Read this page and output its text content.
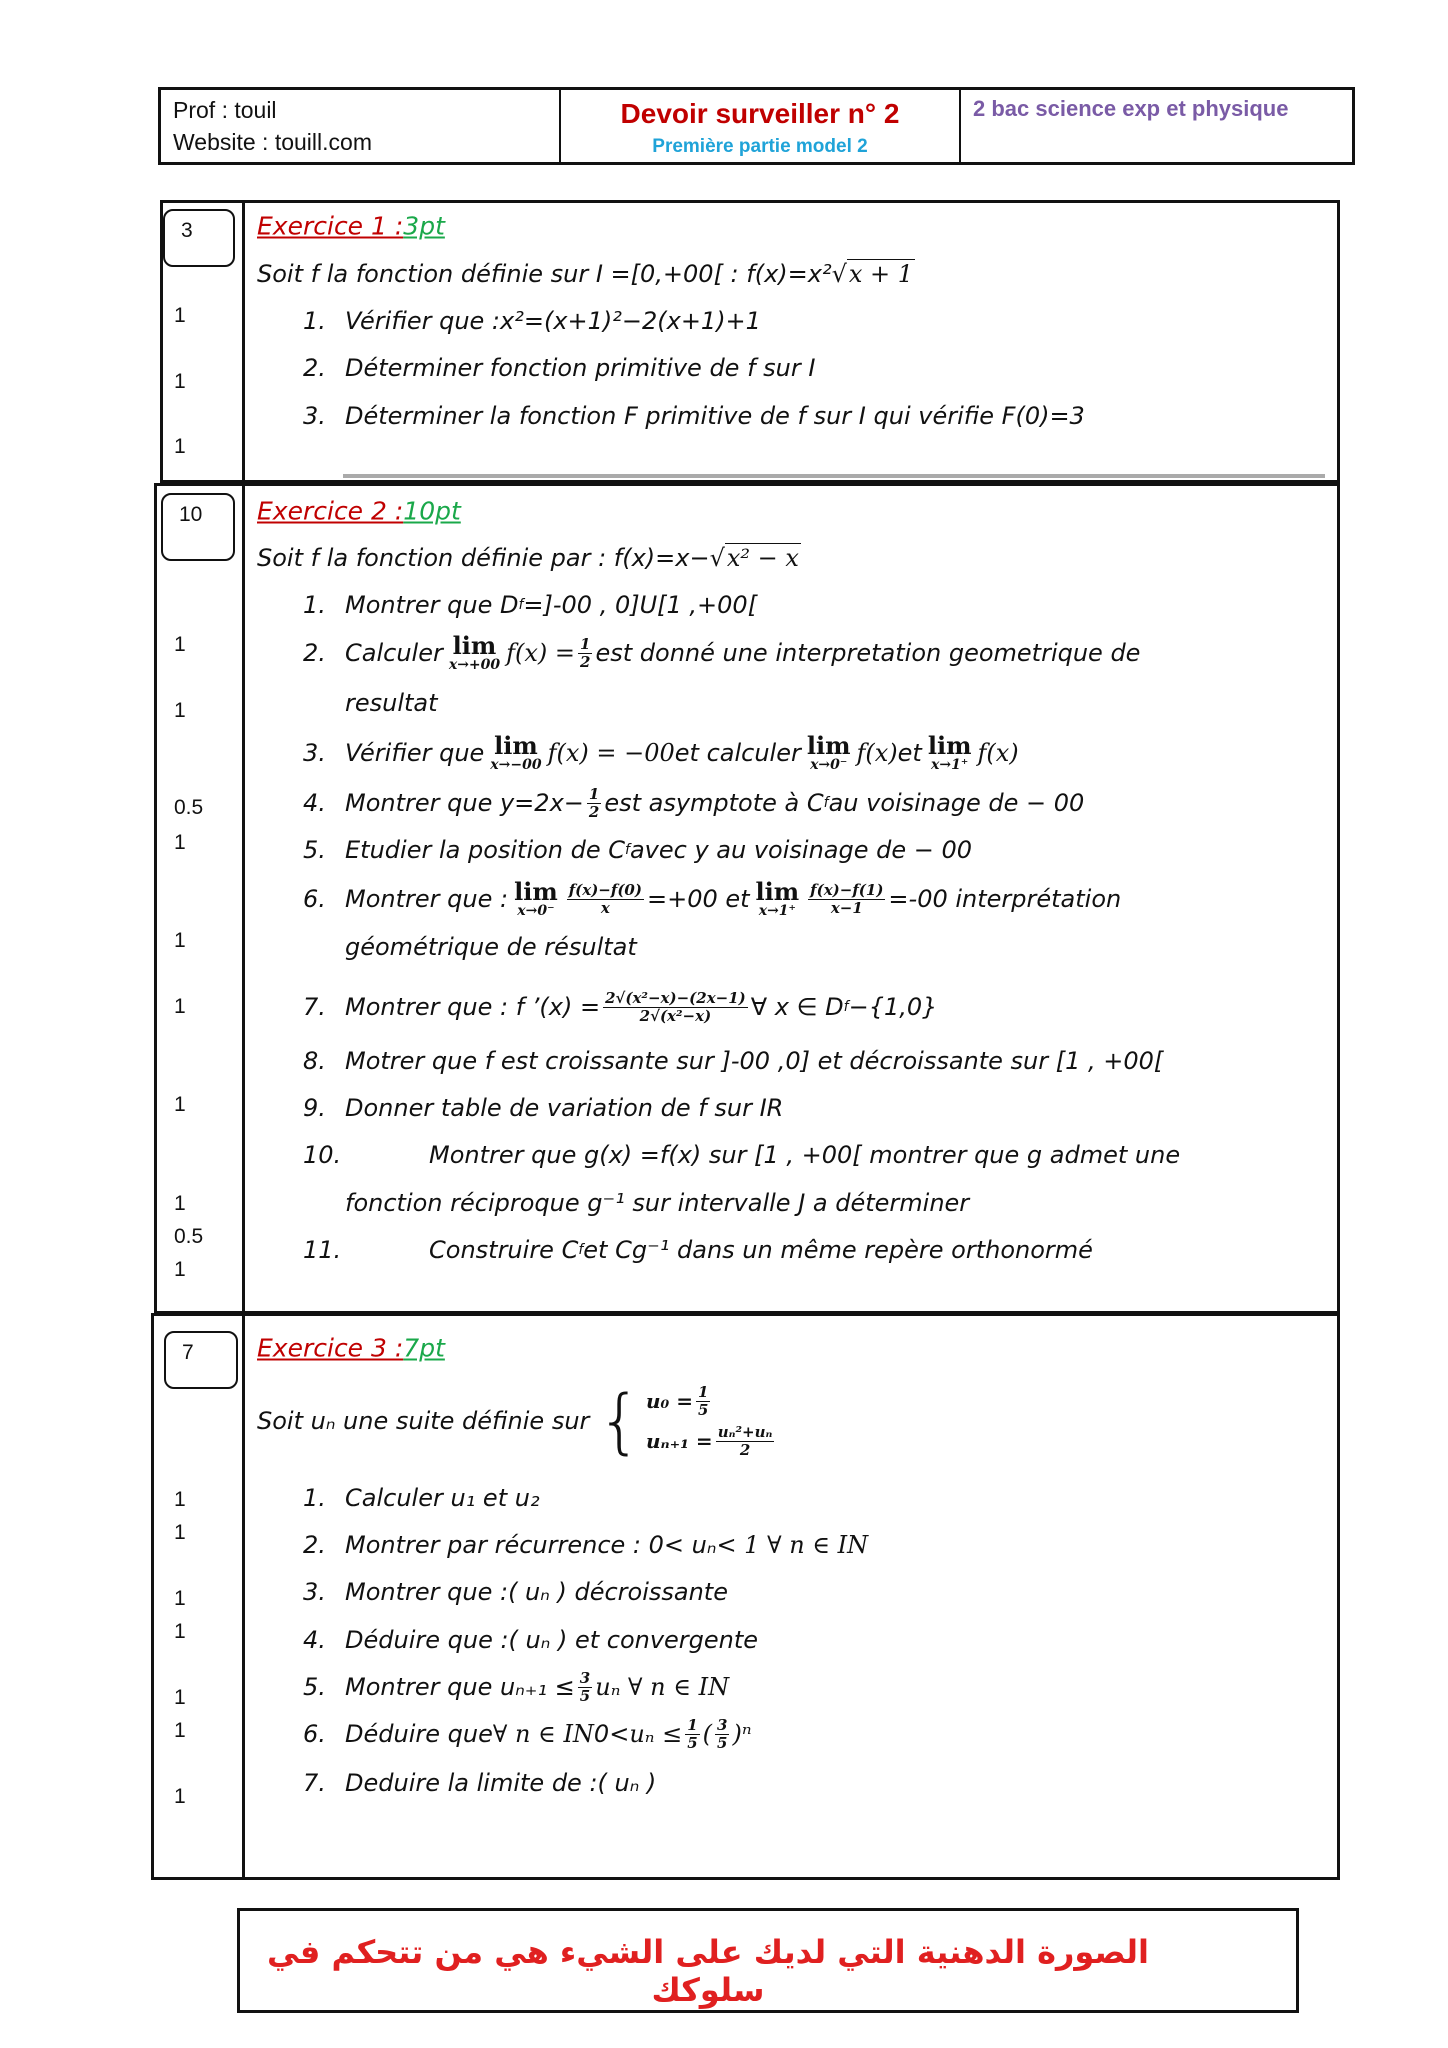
Prof : touil
Website : touill.com
Devoir surveiller n° 2
Première partie model 2
2 bac science exp et physique
3
10
7
Exercice 1 : 3pt
Soit f la fonction définie sur I =[0,+00[ : f(x)=x² √x + 1
1. Vérifier que :x²=(x+1)²−2(x+1)+1
2. Déterminer fonction primitive de f sur I
3. Déterminer la fonction F primitive de f sur I qui vérifie F(0)=3
1
1
1
Exercice 2 : 10pt
Soit f la fonction définie par : f(x)=x− √x² − x
1. Montrer que D f =]-00 , 0]U[1 ,+00[
2. Calculer lim
x→+00 $f(x) = \frac{1}{2}$ est donné une interpretation geometrique de
resultat
3. Vérifier que lim
x→−00 f(x) = −00 et calculer lim
x→0⁻ f(x) et lim
x→1⁺ f(x)
4. Montrer que $y=2x- \frac{1}{2}$ est asymptote à C f au voisinage de − 00
5. Etudier la position de C f avec y au voisinage de − 00
6. Montrer que : lim
$x\to 0^- \frac{f(x)-f(0)}{x} =+00$ et lim
$x\to 1^+ \frac{f(x)-f(1)}{x-1} =-00$ interprétation
géométrique de résultat
7. Montrer que : f ’(x) = $\frac{\text{2√(x²−x)−(2x−1)}}{\text{2√(x²−x)}}$ ∀ x ∈ D f −{1,0}
8. Motrer que f est croissante sur ]-00 ,0] et décroissante sur [1 , +00[
9. Donner table de variation de f sur IR
10.	Montrer que g(x) =f(x) sur [1 , +00[ montrer que g admet une
fonction réciproque g⁻¹ sur intervalle J a déterminer
11.	Construire C f et Cg⁻¹ dans un même repère orthonormé
1
1
0.5
1
1
1
1
1
0.5
1
Exercice 3 : 7pt
1. Calculer u₁ et u₂
2. Montrer par récurrence : 0< uₙ < 1 ∀ n ∈ IN
3. Montrer que :( uₙ ) décroissante
4. Déduire que :( uₙ ) et convergente
5. Montrer que $u_{n+1} \le \frac{3}{5}$ uₙ ∀ n ∈ IN
6. Déduire que ∀ n ∈ IN $0< u_n \le \frac{1}{5}$ ( $\frac{3}{5} )^n$
7. Deduire la limite de :( uₙ )
1
1
1
1
1
1
1
Soit uₙ une suite définie sur { $u_0 = \frac{1}{5}$
$u_{n+1} = \frac{\text{uₙ²+uₙ}}{2}$
الصورة الدهنية التي لديك على الشيء هي من تتحكم في سلوكك
